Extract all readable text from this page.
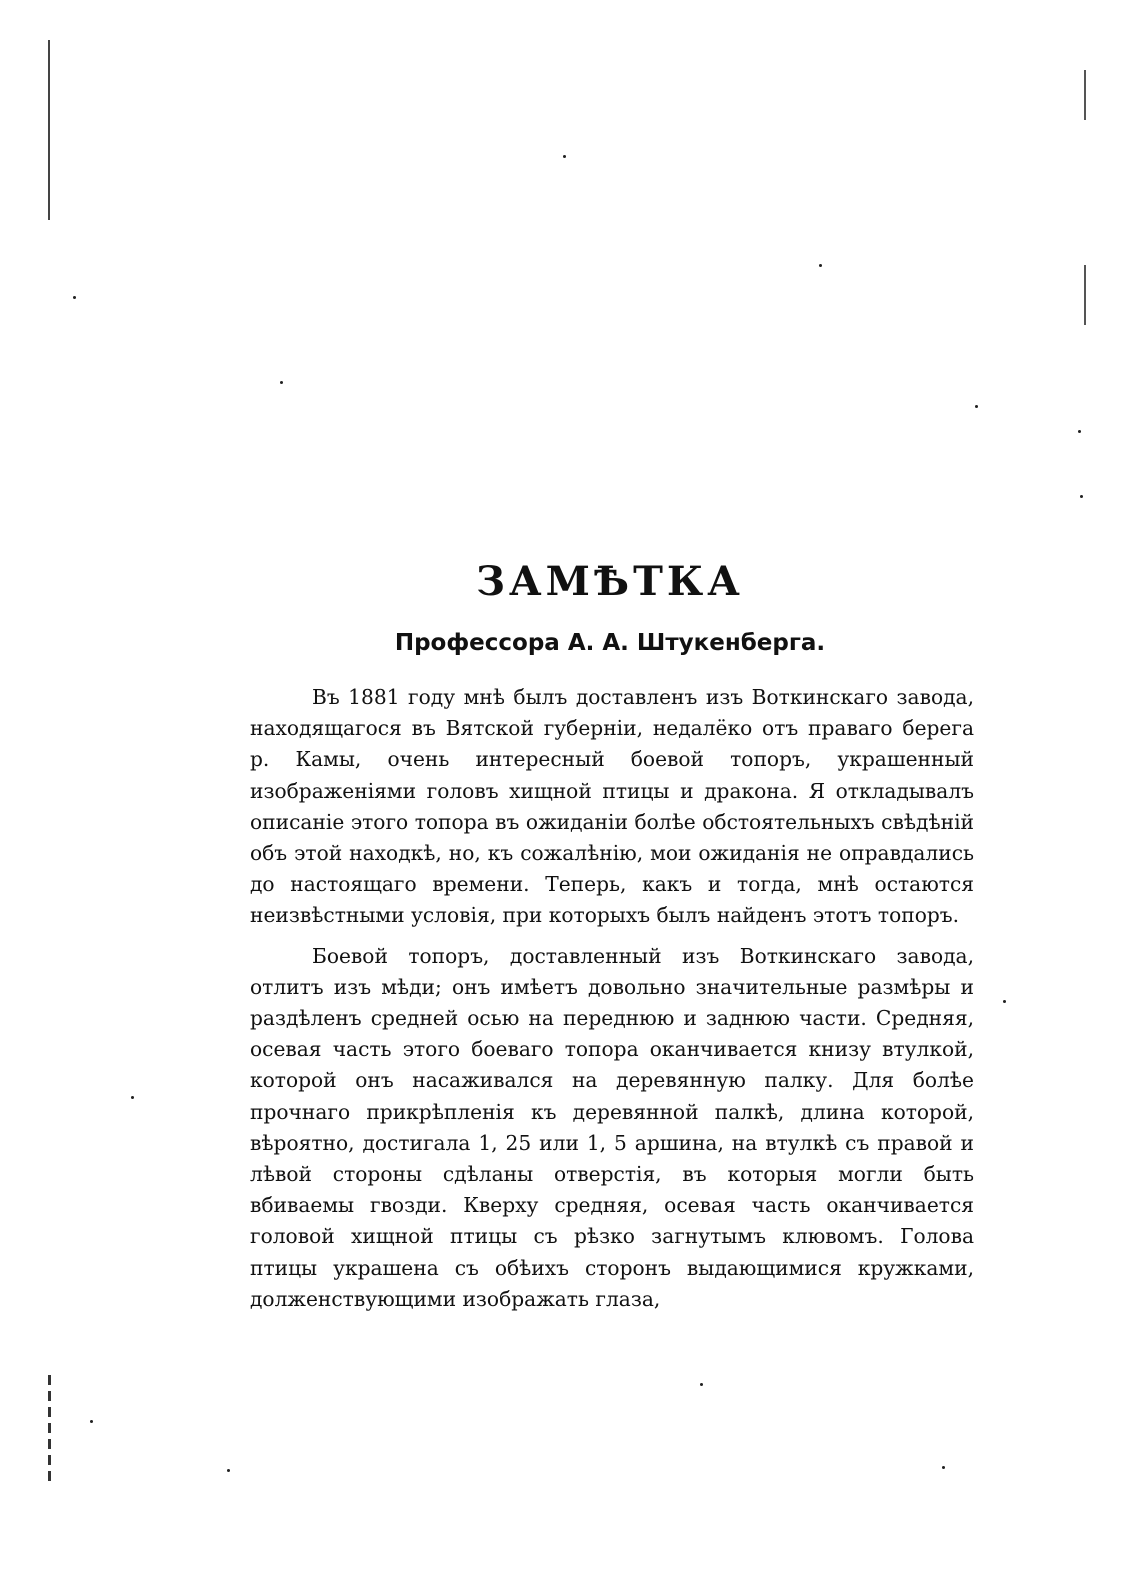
ЗАМѢТКА
Профессора А. А. Штукенберга.

Въ 1881 году мнѣ былъ доставленъ изъ Воткинскаго завода, находящагося въ Вятской губерніи, недалёко отъ праваго берега р. Камы, очень интересный боевой топоръ, украшенный изображеніями головъ хищной птицы и дракона. Я откладывалъ описаніе этого топора въ ожиданіи болѣе обстоятельныхъ свѣдѣній объ этой находкѣ, но, къ сожалѣнію, мои ожиданія не оправдались до настоящаго времени. Теперь, какъ и тогда, мнѣ остаются неизвѣстными условія, при которыхъ былъ найденъ этотъ топоръ.

Боевой топоръ, доставленный изъ Воткинскаго завода, отлитъ изъ мѣди; онъ имѣетъ довольно значительные размѣры и раздѣленъ средней осью на переднюю и заднюю части. Средняя, осевая часть этого боеваго топора оканчивается книзу втулкой, которой онъ насаживался на деревянную палку. Для болѣе прочнаго прикрѣпленія къ деревянной палкѣ, длина которой, вѣроятно, достигала 1, 25 или 1, 5 аршина, на втулкѣ съ правой и лѣвой стороны сдѣланы отверстія, въ которыя могли быть вбиваемы гвозди. Кверху средняя, осевая часть оканчивается головой хищной птицы съ рѣзко загнутымъ клювомъ. Голова птицы украшена съ обѣихъ сторонъ выдающимися кружками, долженствующими изображать глаза,
